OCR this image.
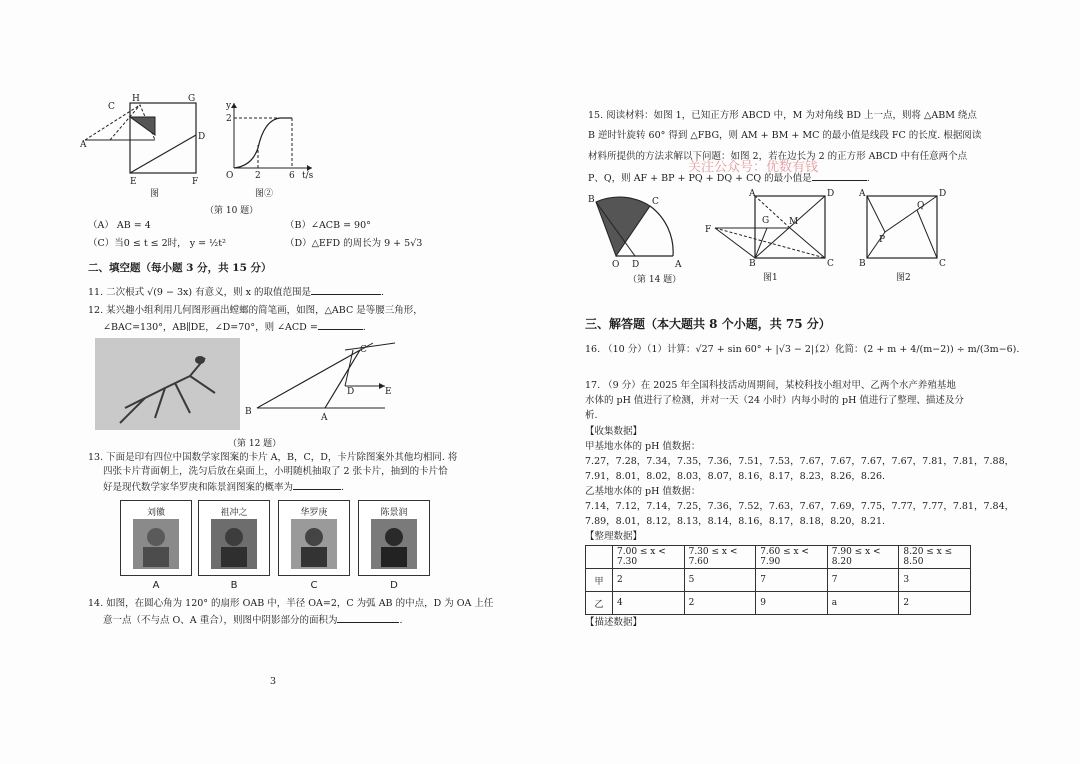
C
H	G
A
D
E	F
y
2
O 2	6 t/s
图	图②
（第 10 题）
（A） AB = 4	（B）∠ACB = 90°
（C）当0 ≤ t ≤ 2时， y = ½t²	（D）△EFD 的周长为 9 + 5√3
二、填空题（每小题 3 分，共 15 分）
11. 二次根式 √(9 − 3x) 有意义，则 x 的取值范围是	.
12. 某兴趣小组利用几何图形画出螳螂的简笔画，如图，△ABC 是等腰三角形，
∠BAC=130°，AB∥DE，∠D=70°，则 ∠ACD =	.
C
D	E
B
A
（第 12 题）
13. 下面是印有四位中国数学家图案的卡片 A，B，C，D，卡片除图案外其他均相同. 将
四张卡片背面朝上，洗匀后放在桌面上，小明随机抽取了 2 张卡片，抽到的卡片恰
好是现代数学家华罗庚和陈景润图案的概率为	.
刘徽
A
祖冲之
B
华罗庚
C
陈景润
D
14. 如图，在圆心角为 120° 的扇形 OAB 中，半径 OA=2，C 为弧 AB 的中点，D 为 OA 上任
意一点（不与点 O、A 重合），则图中阴影部分的面积为	.
3
15. 阅读材料：如图 1，已知正方形 ABCD 中，M 为对角线 BD 上一点，则将 △ABM 绕点
B 逆时针旋转 60° 得到 △FBG，则 AM + BM + MC 的最小值是线段 FC 的长度. 根据阅读
材料所提供的方法求解以下问题：如图 2，若在边长为 2 的正方形 ABCD 中有任意两个点
P、Q，则 AF + BP + PQ + DQ + CQ 的最小值是	.
关注公众号：优数有钱
B	C
O D	A
（第 14 题）
A	D
F
G M
B	C
图1
A	D
Q
P
B	C
图2
三、解答题（本大题共 8 个小题，共 75 分）
16. （10 分）（1）计算：√27 + sin 60° + |√3 − 2|；
（2）化简：(2 + m + 4/(m−2)) ÷ m/(3m−6).
17. （9 分）在 2025 年全国科技活动周期间，某校科技小组对甲、乙两个水产养殖基地
水体的 pH 值进行了检测，并对一天（24 小时）内每小时的 pH 值进行了整理、描述及分
析.
【收集数据】
甲基地水体的 pH 值数据：
7.27，7.28，7.34，7.35，7.36，7.51，7.53，7.67，7.67，7.67，7.67，7.81，7.81，7.88，
7.91，8.01，8.02，8.03，8.07，8.16，8.17，8.23，8.26，8.26.
乙基地水体的 pH 值数据：
7.14，7.12，7.14，7.25，7.36，7.52，7.63，7.67，7.69，7.75，7.77，7.77，7.81，7.84，
7.89，8.01，8.12，8.13，8.14，8.16，8.17，8.18，8.20，8.21.
【整理数据】
	7.00 ≤ x < 7.30	7.30 ≤ x < 7.60	7.60 ≤ x < 7.90	7.90 ≤ x < 8.20	8.20 ≤ x ≤ 8.50
甲	2	5	7	7	3
乙	4	2	9	a	2
【描述数据】
